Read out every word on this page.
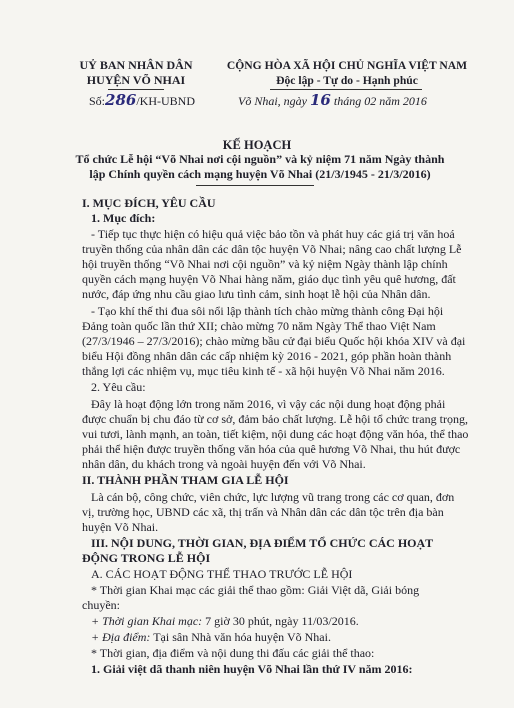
UỶ BAN NHÂN DÂN
HUYỆN VÕ NHAI
Số:286/KH-UBND
CỘNG HÒA XÃ HỘI CHỦ NGHĨA VIỆT NAM
Độc lập - Tự do - Hạnh phúc
Võ Nhai, ngày 16 tháng 02 năm 2016
KẾ HOẠCH
Tổ chức Lễ hội “Võ Nhai nơi cội nguồn” và kỷ niệm 71 năm Ngày thành
lập Chính quyền cách mạng huyện Võ Nhai (21/3/1945 - 21/3/2016)
I. MỤC ĐÍCH, YÊU CẦU
1. Mục đích:
- Tiếp tục thực hiện có hiệu quả việc bảo tồn và phát huy các giá trị văn hoá
truyền thống của nhân dân các dân tộc huyện Võ Nhai; nâng cao chất lượng Lễ
hội truyền thống “Võ Nhai nơi cội nguồn” và kỷ niệm Ngày thành lập chính
quyền cách mạng huyện Võ Nhai hàng năm, giáo dục tình yêu quê hương, đất
nước, đáp ứng nhu cầu giao lưu tình cảm, sinh hoạt lễ hội của Nhân dân.
- Tạo khí thế thi đua sôi nổi lập thành tích chào mừng thành công Đại hội
Đảng toàn quốc lần thứ XII; chào mừng 70 năm Ngày Thể thao Việt Nam
(27/3/1946 – 27/3/2016); chào mừng bầu cử đại biểu Quốc hội khóa XIV và đại
biểu Hội đồng nhân dân các cấp nhiệm kỳ 2016 - 2021, góp phần hoàn thành
thắng lợi các nhiệm vụ, mục tiêu kinh tế - xã hội huyện Võ Nhai năm 2016.
2. Yêu cầu:
Đây là hoạt động lớn trong năm 2016, vì vậy các nội dung hoạt động phải
được chuẩn bị chu đáo từ cơ sở, đảm bảo chất lượng. Lễ hội tổ chức trang trọng,
vui tươi, lành mạnh, an toàn, tiết kiệm, nội dung các hoạt động văn hóa, thể thao
phải thể hiện được truyền thống văn hóa của quê hương Võ Nhai, thu hút được
nhân dân, du khách trong và ngoài huyện đến với Võ Nhai.
II. THÀNH PHẦN THAM GIA LỄ HỘI
Là cán bộ, công chức, viên chức, lực lượng vũ trang trong các cơ quan, đơn
vị, trường học, UBND các xã, thị trấn và Nhân dân các dân tộc trên địa bàn
huyện Võ Nhai.
III. NỘI DUNG, THỜI GIAN, ĐỊA ĐIỂM TỔ CHỨC CÁC HOẠT
ĐỘNG TRONG LỄ HỘI
A. CÁC HOẠT ĐỘNG THỂ THAO TRƯỚC LỄ HỘI
* Thời gian Khai mạc các giải thể thao gồm: Giải Việt dã, Giải bóng
chuyền:
+ Thời gian Khai mạc: 7 giờ 30 phút, ngày 11/03/2016.
+ Địa điểm: Tại sân Nhà văn hóa huyện Võ Nhai.
* Thời gian, địa điểm và nội dung thi đấu các giải thể thao:
1. Giải việt dã thanh niên huyện Võ Nhai lần thứ IV năm 2016:
